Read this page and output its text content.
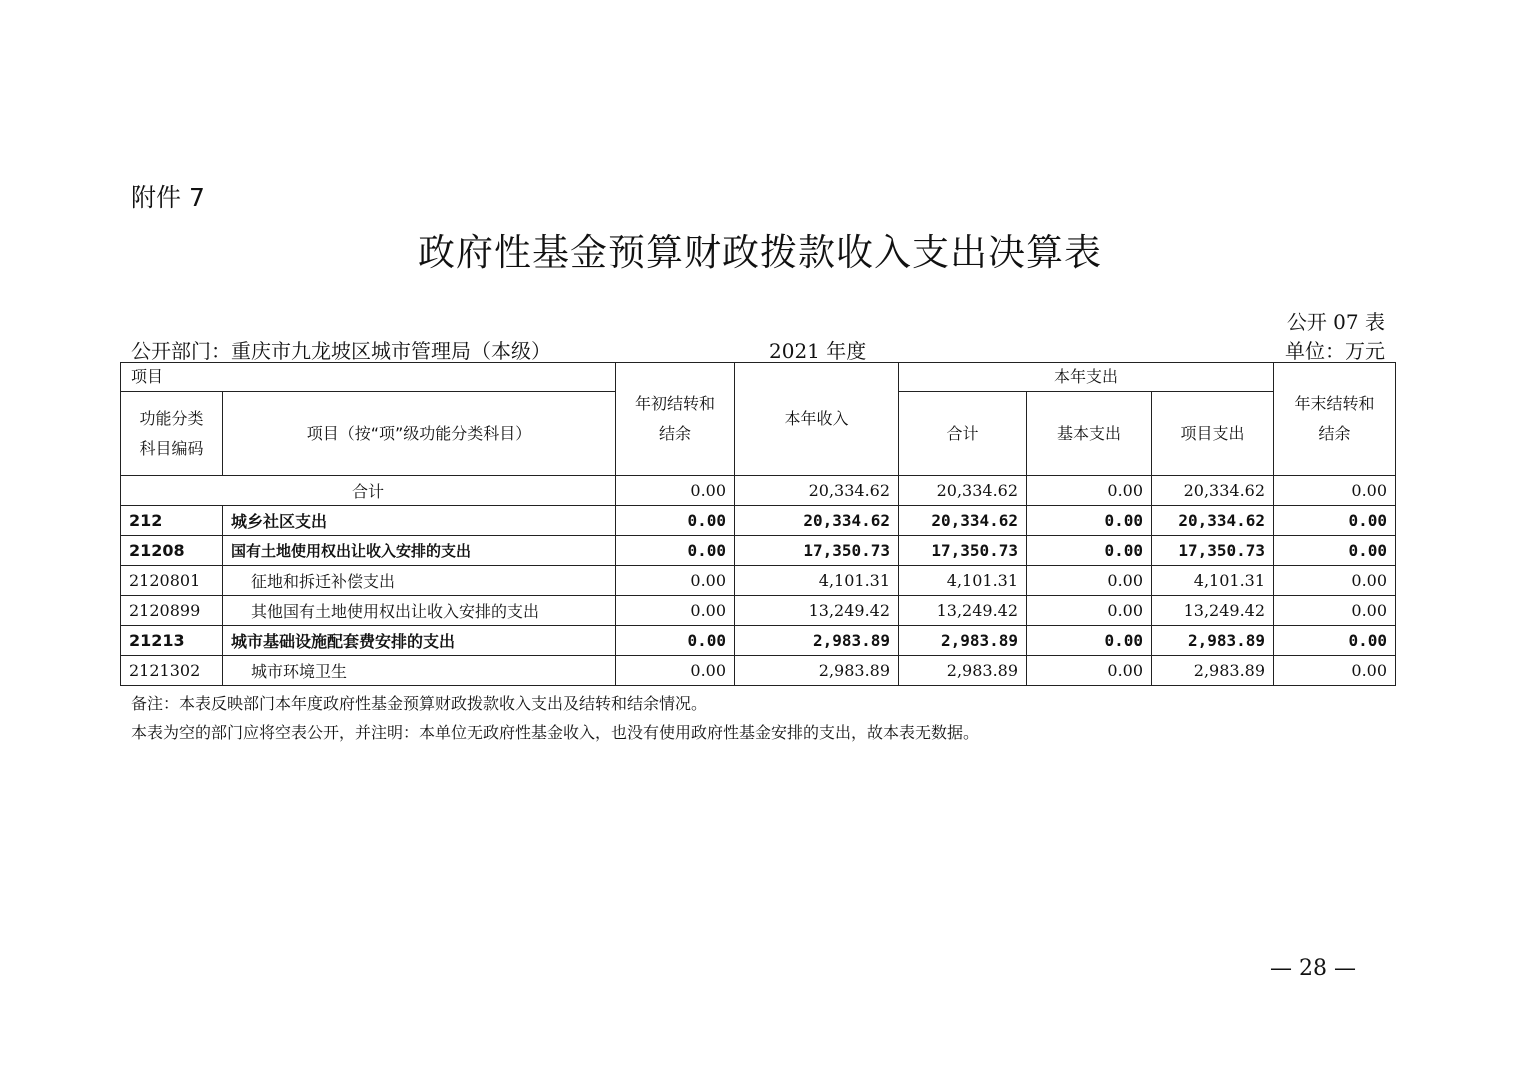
附件 7
政府性基金预算财政拨款收入支出决算表
公开 07 表
公开部门：重庆市九龙坡区城市管理局（本级）	2021 年度	单位：万元
项目		年初结转和结余	本年收入	本年支出			年末结转和结余
功能分类科目编码	项目（按“项”级功能分类科目）			合计	基本支出	项目支出	
合计		0.00	20,334.62	20,334.62	0.00	20,334.62	0.00
212	城乡社区支出	0.00	20,334.62	20,334.62	0.00	20,334.62	0.00
21208	国有土地使用权出让收入安排的支出	0.00	17,350.73	17,350.73	0.00	17,350.73	0.00
2120801	征地和拆迁补偿支出	0.00	4,101.31	4,101.31	0.00	4,101.31	0.00
2120899	其他国有土地使用权出让收入安排的支出	0.00	13,249.42	13,249.42	0.00	13,249.42	0.00
21213	城市基础设施配套费安排的支出	0.00	2,983.89	2,983.89	0.00	2,983.89	0.00
2121302	城市环境卫生	0.00	2,983.89	2,983.89	0.00	2,983.89	0.00
备注：本表反映部门本年度政府性基金预算财政拨款收入支出及结转和结余情况。
本表为空的部门应将空表公开，并注明：本单位无政府性基金收入，也没有使用政府性基金安排的支出，故本表无数据。
— 28 —
